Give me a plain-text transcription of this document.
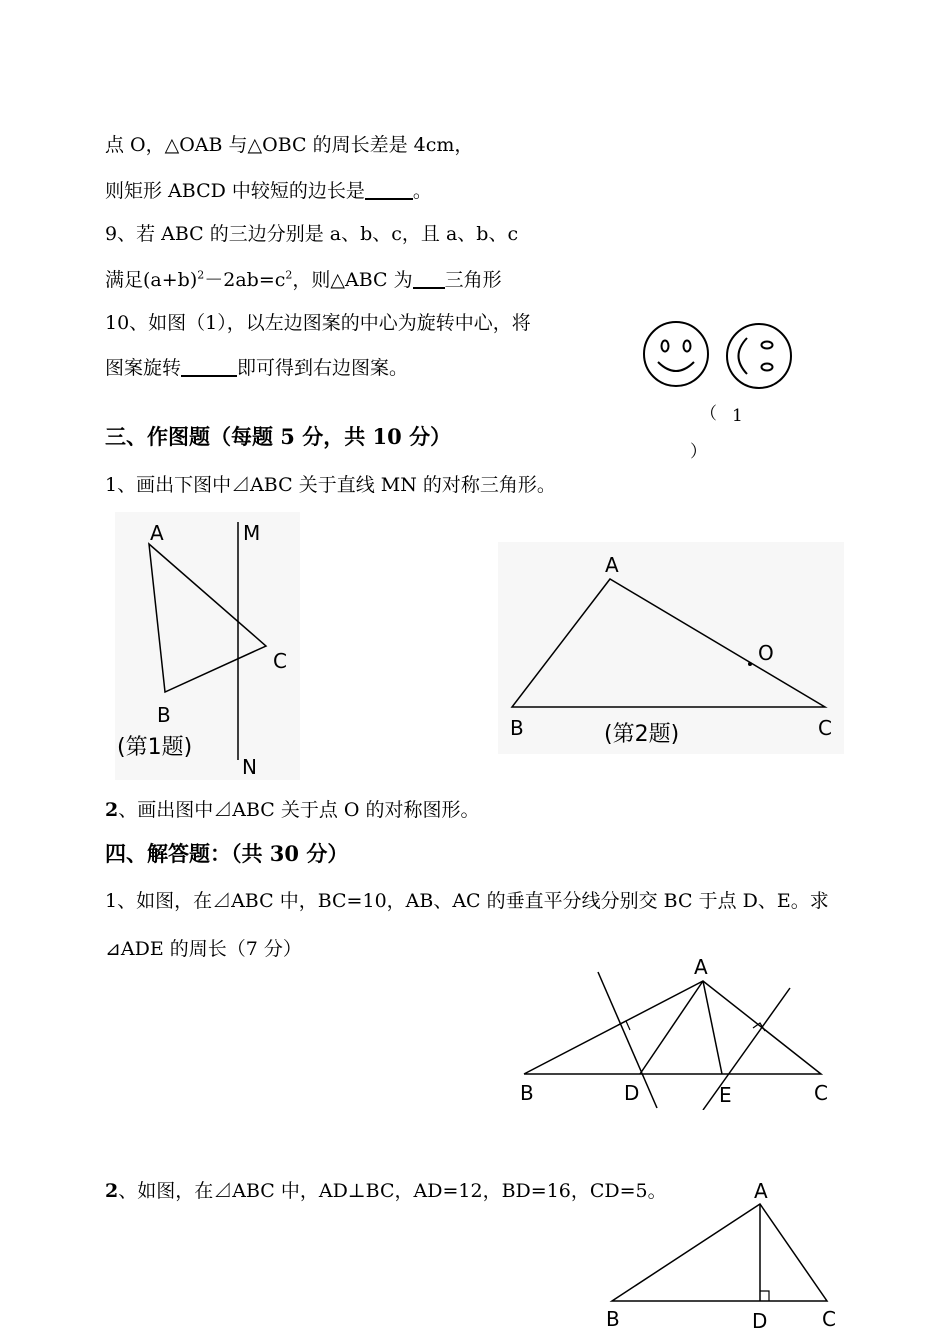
点 O，△OAB 与△OBC 的周长差是 4cm，
则矩形 ABCD 中较短的边长是	。
9、若 ABC 的三边分别是 a、b、c，且 a、b、c
满足$(a+b)^2-2ab=c^2$，则△ABC 为 三角形
10、如图（1），以左边图案的中心为旋转中心，将
图案旋转	即可得到右边图案。
（ 1
）
三、作图题（每题 5 分，共 10 分）
1、画出下图中⊿ABC 关于直线 MN 的对称三角形。
A
B
C
M
N
(第1题)
A
B	C
O
(第2题)
2、画出图中⊿ABC 关于点 O 的对称图形。
四、解答题：（共 30 分）
1、如图，在⊿ABC 中，BC=10，AB、AC 的垂直平分线分别交 BC 于点 D、E。求
⊿ADE 的周长（7 分）
A
B	C
D	E
2、如图，在⊿ABC 中，AD⊥BC，AD=12，BD=16，CD=5。	A
B	C
D
